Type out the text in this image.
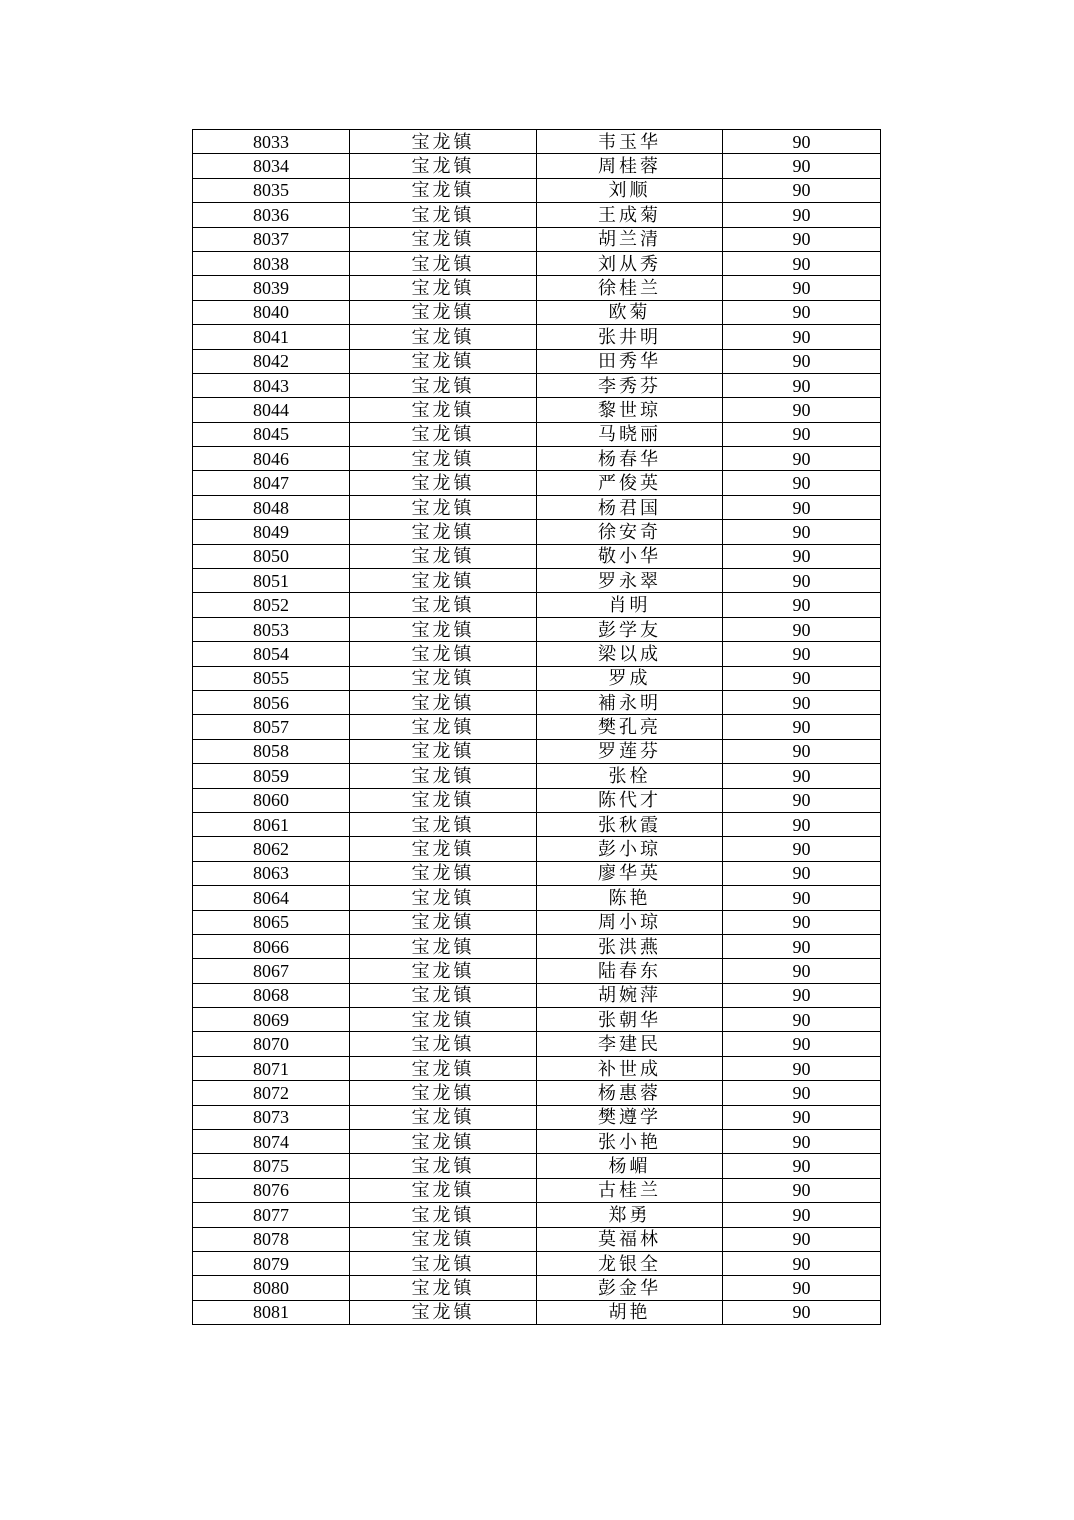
8033	宝龙镇	韦玉华	90
8034	宝龙镇	周桂蓉	90
8035	宝龙镇	刘顺	90
8036	宝龙镇	王成菊	90
8037	宝龙镇	胡兰清	90
8038	宝龙镇	刘从秀	90
8039	宝龙镇	徐桂兰	90
8040	宝龙镇	欧菊	90
8041	宝龙镇	张井明	90
8042	宝龙镇	田秀华	90
8043	宝龙镇	李秀芬	90
8044	宝龙镇	黎世琼	90
8045	宝龙镇	马晓丽	90
8046	宝龙镇	杨春华	90
8047	宝龙镇	严俊英	90
8048	宝龙镇	杨君国	90
8049	宝龙镇	徐安奇	90
8050	宝龙镇	敬小华	90
8051	宝龙镇	罗永翠	90
8052	宝龙镇	肖明	90
8053	宝龙镇	彭学友	90
8054	宝龙镇	梁以成	90
8055	宝龙镇	罗成	90
8056	宝龙镇	補永明	90
8057	宝龙镇	樊孔亮	90
8058	宝龙镇	罗莲芬	90
8059	宝龙镇	张栓	90
8060	宝龙镇	陈代才	90
8061	宝龙镇	张秋霞	90
8062	宝龙镇	彭小琼	90
8063	宝龙镇	廖华英	90
8064	宝龙镇	陈艳	90
8065	宝龙镇	周小琼	90
8066	宝龙镇	张洪燕	90
8067	宝龙镇	陆春东	90
8068	宝龙镇	胡婉萍	90
8069	宝龙镇	张朝华	90
8070	宝龙镇	李建民	90
8071	宝龙镇	补世成	90
8072	宝龙镇	杨惠蓉	90
8073	宝龙镇	樊遵学	90
8074	宝龙镇	张小艳	90
8075	宝龙镇	杨嵋	90
8076	宝龙镇	古桂兰	90
8077	宝龙镇	郑勇	90
8078	宝龙镇	莫福林	90
8079	宝龙镇	龙银全	90
8080	宝龙镇	彭金华	90
8081	宝龙镇	胡艳	90
